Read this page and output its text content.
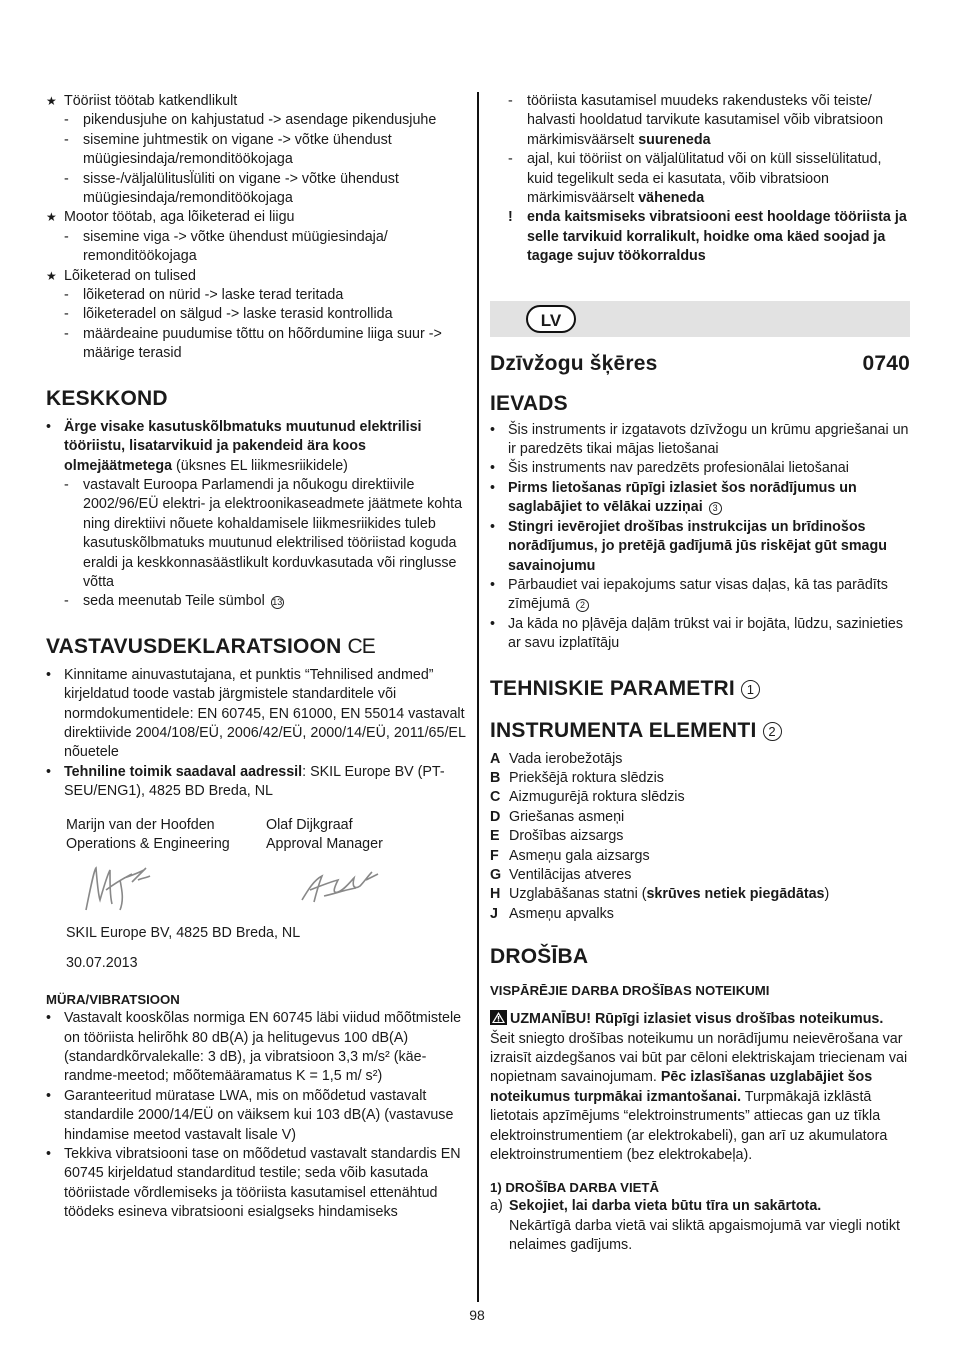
★ Tööriist töötab katkendlikult
- pikendusjuhe on kahjustatud -> asendage pikendusjuhe
- sisemine juhtmestik on vigane -> võtke ühendust müügiesindaja/remonditöökojaga
- sisse-/väljalülitusl̈üliti on vigane -> võtke ühendust müügiesindaja/remonditöökojaga
★ Mootor töötab, aga lõiketerad ei liigu
- sisemine viga -> võtke ühendust müügiesindaja/ remonditöökojaga
★ Lõiketerad on tulised
- lõiketerad on nürid -> laske terad teritada
- lõiketeradel on sälgud -> laske terasid kontrollida
- määrdeaine puudumise tõttu on hõõrdumine liiga suur -> määrige terasid
KESKKOND
• Ärge visake kasutuskõlbmatuks muutunud elektrilisi tööriistu, lisatarvikuid ja pakendeid ära koos olmejäätmetega (üksnes EL liikmesriikidele)
- vastavalt Euroopa Parlamendi ja nõukogu direktiivile 2002/96/EÜ elektri- ja elektroonikaseadmete jäätmete kohta ning direktiivi nõuete kohaldamisele liikmesriikides tuleb kasutuskõlbmatuks muutunud elektrilised tööriistad koguda eraldi ja keskkonnasäästlikult korduvkasutada või ringlusse võtta
- seda meenutab Teile sümbol 13
VASTAVUSDEKLARATSIOON CE
• Kinnitame ainuvastutajana, et punktis “Tehnilised andmed” kirjeldatud toode vastab järgmistele standarditele või normdokumentidele: EN 60745, EN 61000, EN 55014 vastavalt direktiivide 2004/108/EÜ, 2006/42/EÜ, 2000/14/EÜ, 2011/65/EL nõuetele
• Tehniline toimik saadaval aadressil: SKIL Europe BV (PT-SEU/ENG1), 4825 BD Breda, NL
Marijn van der Hoofden
Operations & Engineering
Olaf Dijkgraaf
Approval Manager
SKIL Europe BV, 4825 BD Breda, NL
30.07.2013
MÜRA/VIBRATSIOON
• Vastavalt kooskõlas normiga EN 60745 läbi viidud mõõtmistele on tööriista helirõhk 80 dB(A) ja helitugevus 100 dB(A) (standardkõrvalekalle: 3 dB), ja vibratsioon 3,3 m/s² (käe-randme-meetod; mõõtemääramatus K = 1,5 m/ s²)
• Garanteeritud müratase LWA, mis on mõõdetud vastavalt standardile 2000/14/EÜ on väiksem kui 103 dB(A) (vastavuse hindamise meetod vastavalt lisale V)
• Tekkiva vibratsiooni tase on mõõdetud vastavalt standardis EN 60745 kirjeldatud standarditud testile; seda võib kasutada tööriistade võrdlemiseks ja tööriista kasutamisel ettenähtud töödeks esineva vibratsiooni esialgseks hindamiseks
- tööriista kasutamisel muudeks rakendusteks või teiste/ halvasti hooldatud tarvikute kasutamisel võib vibratsioon märkimisväärselt suureneda
- ajal, kui tööriist on väljalülitatud või on küll sisselülitatud, kuid tegelikult seda ei kasutata, võib vibratsioon märkimisväärselt väheneda
! enda kaitsmiseks vibratsiooni eest hooldage tööriista ja selle tarvikuid korralikult, hoidke oma käed soojad ja tagage sujuv töökorraldus
LV
Dzīvžogu šķēres	0740
IEVADS
• Šis instruments ir izgatavots dzīvžogu un krūmu apgriešanai un ir paredzēts tikai mājas lietošanai
• Šis instruments nav paredzēts profesionālai lietošanai
• Pirms lietošanas rūpīgi izlasiet šos norādījumus un saglabājiet to vēlākai uzziņai 3
• Stingri ievērojiet drošības instrukcijas un brīdinošos norādījumus, jo pretējā gadījumā jūs riskējat gūt smagu savainojumu
• Pārbaudiet vai iepakojums satur visas daļas, kā tas parādīts zīmējumā 2
• Ja kāda no pļāvēja daļām trūkst vai ir bojāta, lūdzu, sazinieties ar savu izplatītāju
TEHNISKIE PARAMETRI 1
INSTRUMENTA ELEMENTI 2
A Vada ierobežotājs
B Priekšējā roktura slēdzis
C Aizmugurējā roktura slēdzis
D Griešanas asmeņi
E Drošības aizsargs
F Asmeņu gala aizsargs
G Ventilācijas atveres
H Uzglabāšanas statni (skrūves netiek piegādātas)
J Asmeņu apvalks
DROŠĪBA
VISPĀRĒJIE DARBA DROŠĪBAS NOTEIKUMI
UZMANĪBU! Rūpīgi izlasiet visus drošības noteikumus. Šeit sniegto drošības noteikumu un norādījumu neievērošana var izraisīt aizdegšanos vai būt par cēloni elektriskajam triecienam vai nopietnam savainojumam. Pēc izlasīšanas uzglabājiet šos noteikumus turpmākai izmantošanai. Turpmākajā izklāstā lietotais apzīmējums “elektroinstruments” attiecas gan uz tīkla elektroinstrumentiem (ar elektrokabeli), gan arī uz akumulatora elektroinstrumentiem (bez elektrokabeļa).
1) DROŠĪBA DARBA VIETĀ
a) Sekojiet, lai darba vieta būtu tīra un sakārtota.
Nekārtīgā darba vietā vai sliktā apgaismojumā var viegli notikt nelaimes gadījums.
98
